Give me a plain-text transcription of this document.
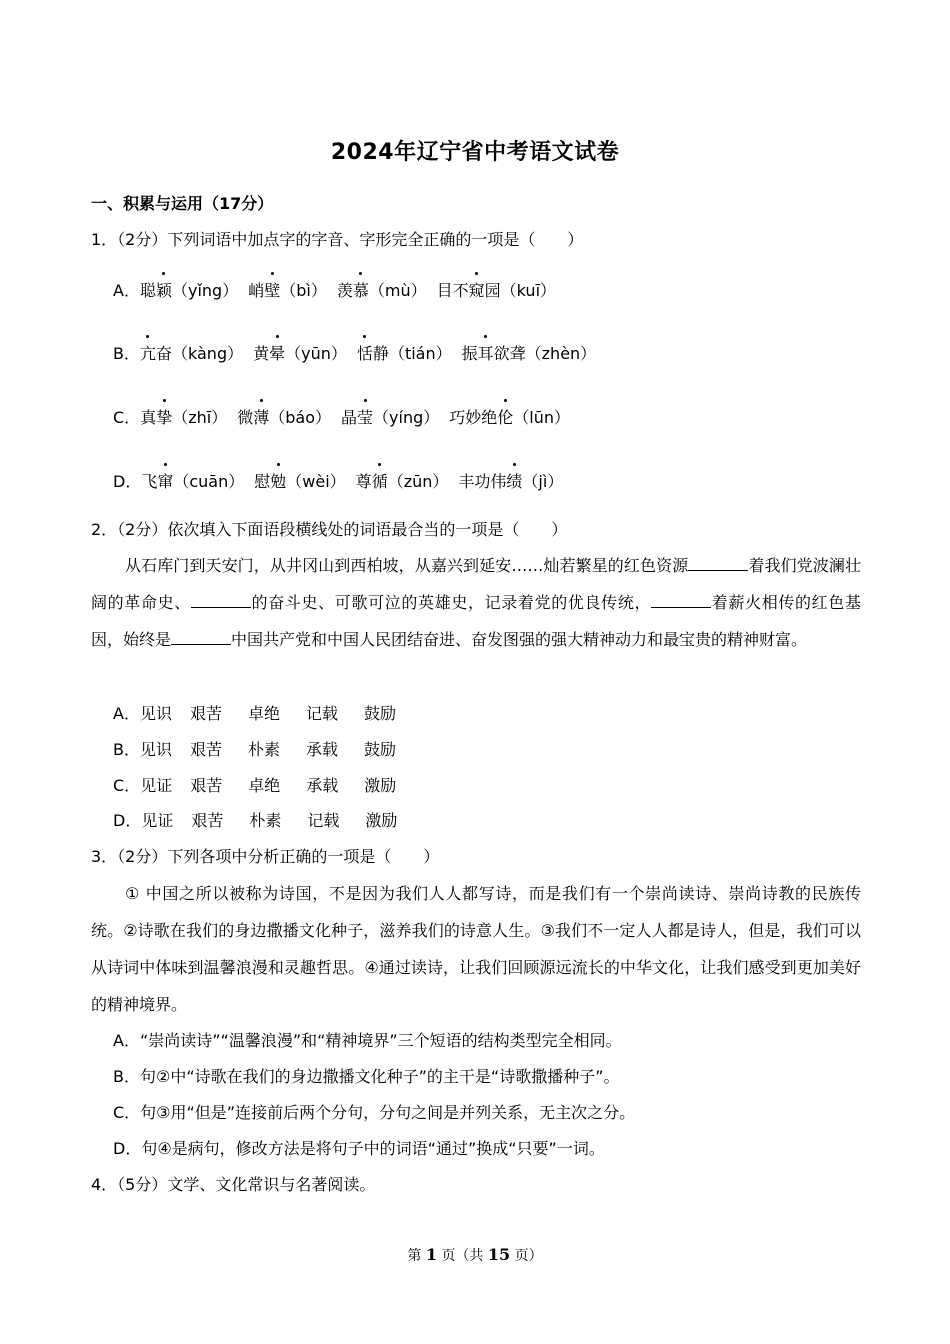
2024年辽宁省中考语文试卷
一、积累与运用（17分）
1．（2分）下列词语中加点字的字音、字形完全正确的一项是（　　）
A．聪颖（yǐng） 峭壁（bì） 羡慕（mù） 目不窥园（kuī）
B．亢奋（kàng） 黄晕（yūn） 恬静（tián） 振耳欲聋（zhèn）
C．真挚（zhī） 微薄（báo） 晶莹（yíng） 巧妙绝伦（lūn）
D．飞窜（cuān） 慰勉（wèi） 尊循（zūn） 丰功伟绩（jì）
2．（2分）依次填入下面语段横线处的词语最合当的一项是（　　）
从石库门到天安门，从井冈山到西柏坡，从嘉兴到延安……灿若繁星的红色资源	着我们党波澜壮阔的革命史、	的奋斗史、可歌可泣的英雄史，记录着党的优良传统，	着薪火相传的红色基因，始终是	中国共产党和中国人民团结奋进、奋发图强的强大精神动力和最宝贵的精神财富。
A．见识 艰苦 卓绝 记载 鼓励
B．见识 艰苦 朴素 承载 鼓励
C．见证 艰苦 卓绝 承载 激励
D．见证 艰苦 朴素 记载 激励
3．（2分）下列各项中分析正确的一项是（　　）
① 中国之所以被称为诗国，不是因为我们人人都写诗，而是我们有一个崇尚读诗、崇尚诗教的民族传统。②诗歌在我们的身边撒播文化种子，滋养我们的诗意人生。③我们不一定人人都是诗人，但是，我们可以从诗词中体味到温馨浪漫和灵趣哲思。④通过读诗，让我们回顾源远流长的中华文化，让我们感受到更加美好的精神境界。
A．“崇尚读诗”“温馨浪漫”和“精神境界”三个短语的结构类型完全相同。
B．句②中“诗歌在我们的身边撒播文化种子”的主干是“诗歌撒播种子”。
C．句③用“但是”连接前后两个分句，分句之间是并列关系，无主次之分。
D．句④是病句，修改方法是将句子中的词语“通过”换成“只要”一词。
4．（5分）文学、文化常识与名著阅读。
第 1 页（共 15 页）
